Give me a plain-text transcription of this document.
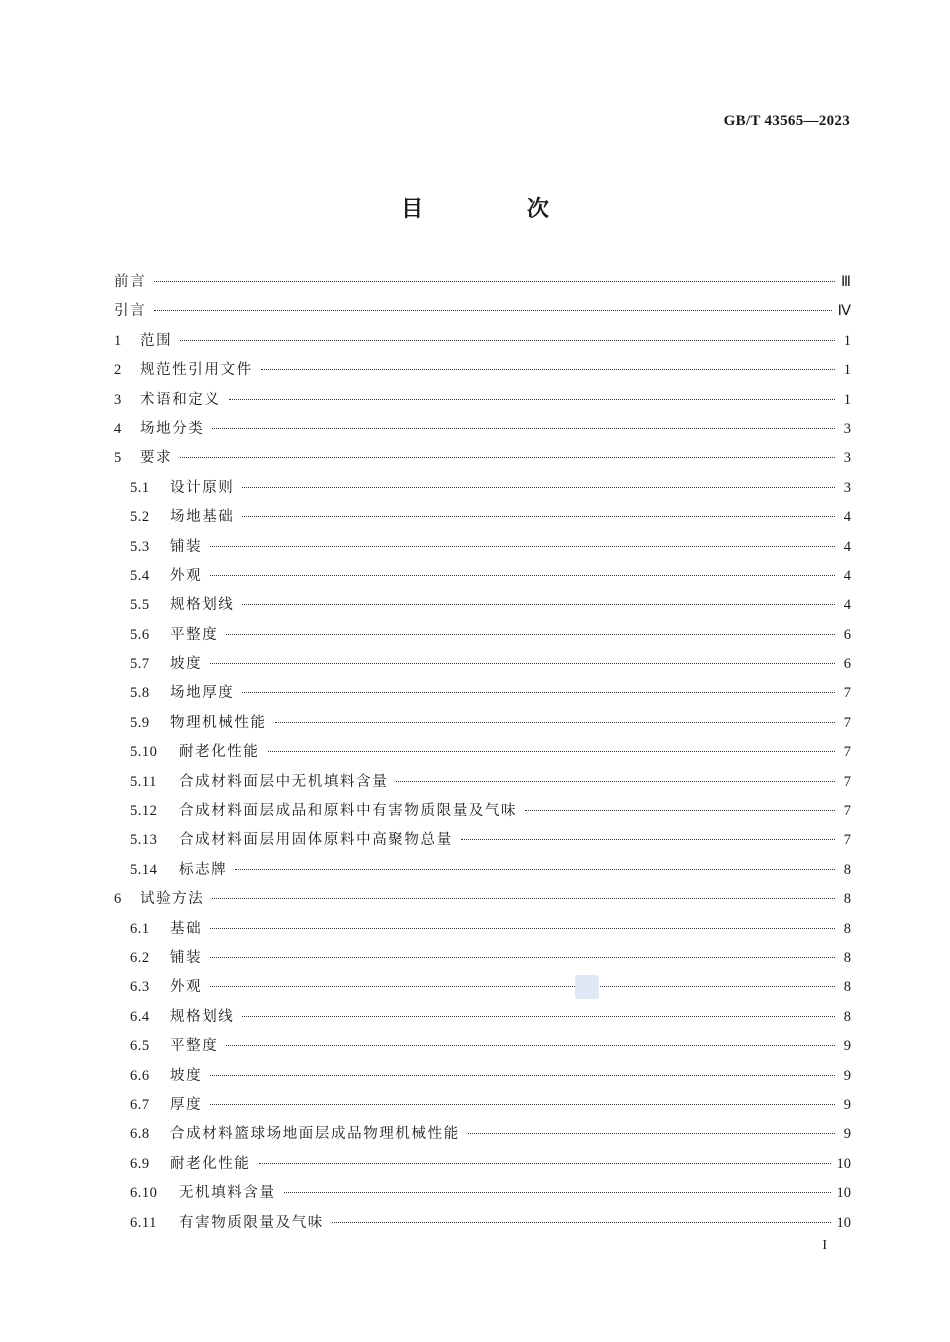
GB/T 43565—2023
目 次
前言	Ⅲ
引言	Ⅳ
1	范围	1
2	规范性引用文件	1
3	术语和定义	1
4	场地分类	3
5	要求	3
5.1	设计原则	3
5.2	场地基础	4
5.3	铺装	4
5.4	外观	4
5.5	规格划线	4
5.6	平整度	6
5.7	坡度	6
5.8	场地厚度	7
5.9	物理机械性能	7
5.10	耐老化性能	7
5.11	合成材料面层中无机填料含量	7
5.12	合成材料面层成品和原料中有害物质限量及气味	7
5.13	合成材料面层用固体原料中高聚物总量	7
5.14	标志牌	8
6	试验方法	8
6.1	基础	8
6.2	铺装	8
6.3	外观	8
6.4	规格划线	8
6.5	平整度	9
6.6	坡度	9
6.7	厚度	9
6.8	合成材料篮球场地面层成品物理机械性能	9
6.9	耐老化性能	10
6.10	无机填料含量	10
6.11	有害物质限量及气味	10
I
